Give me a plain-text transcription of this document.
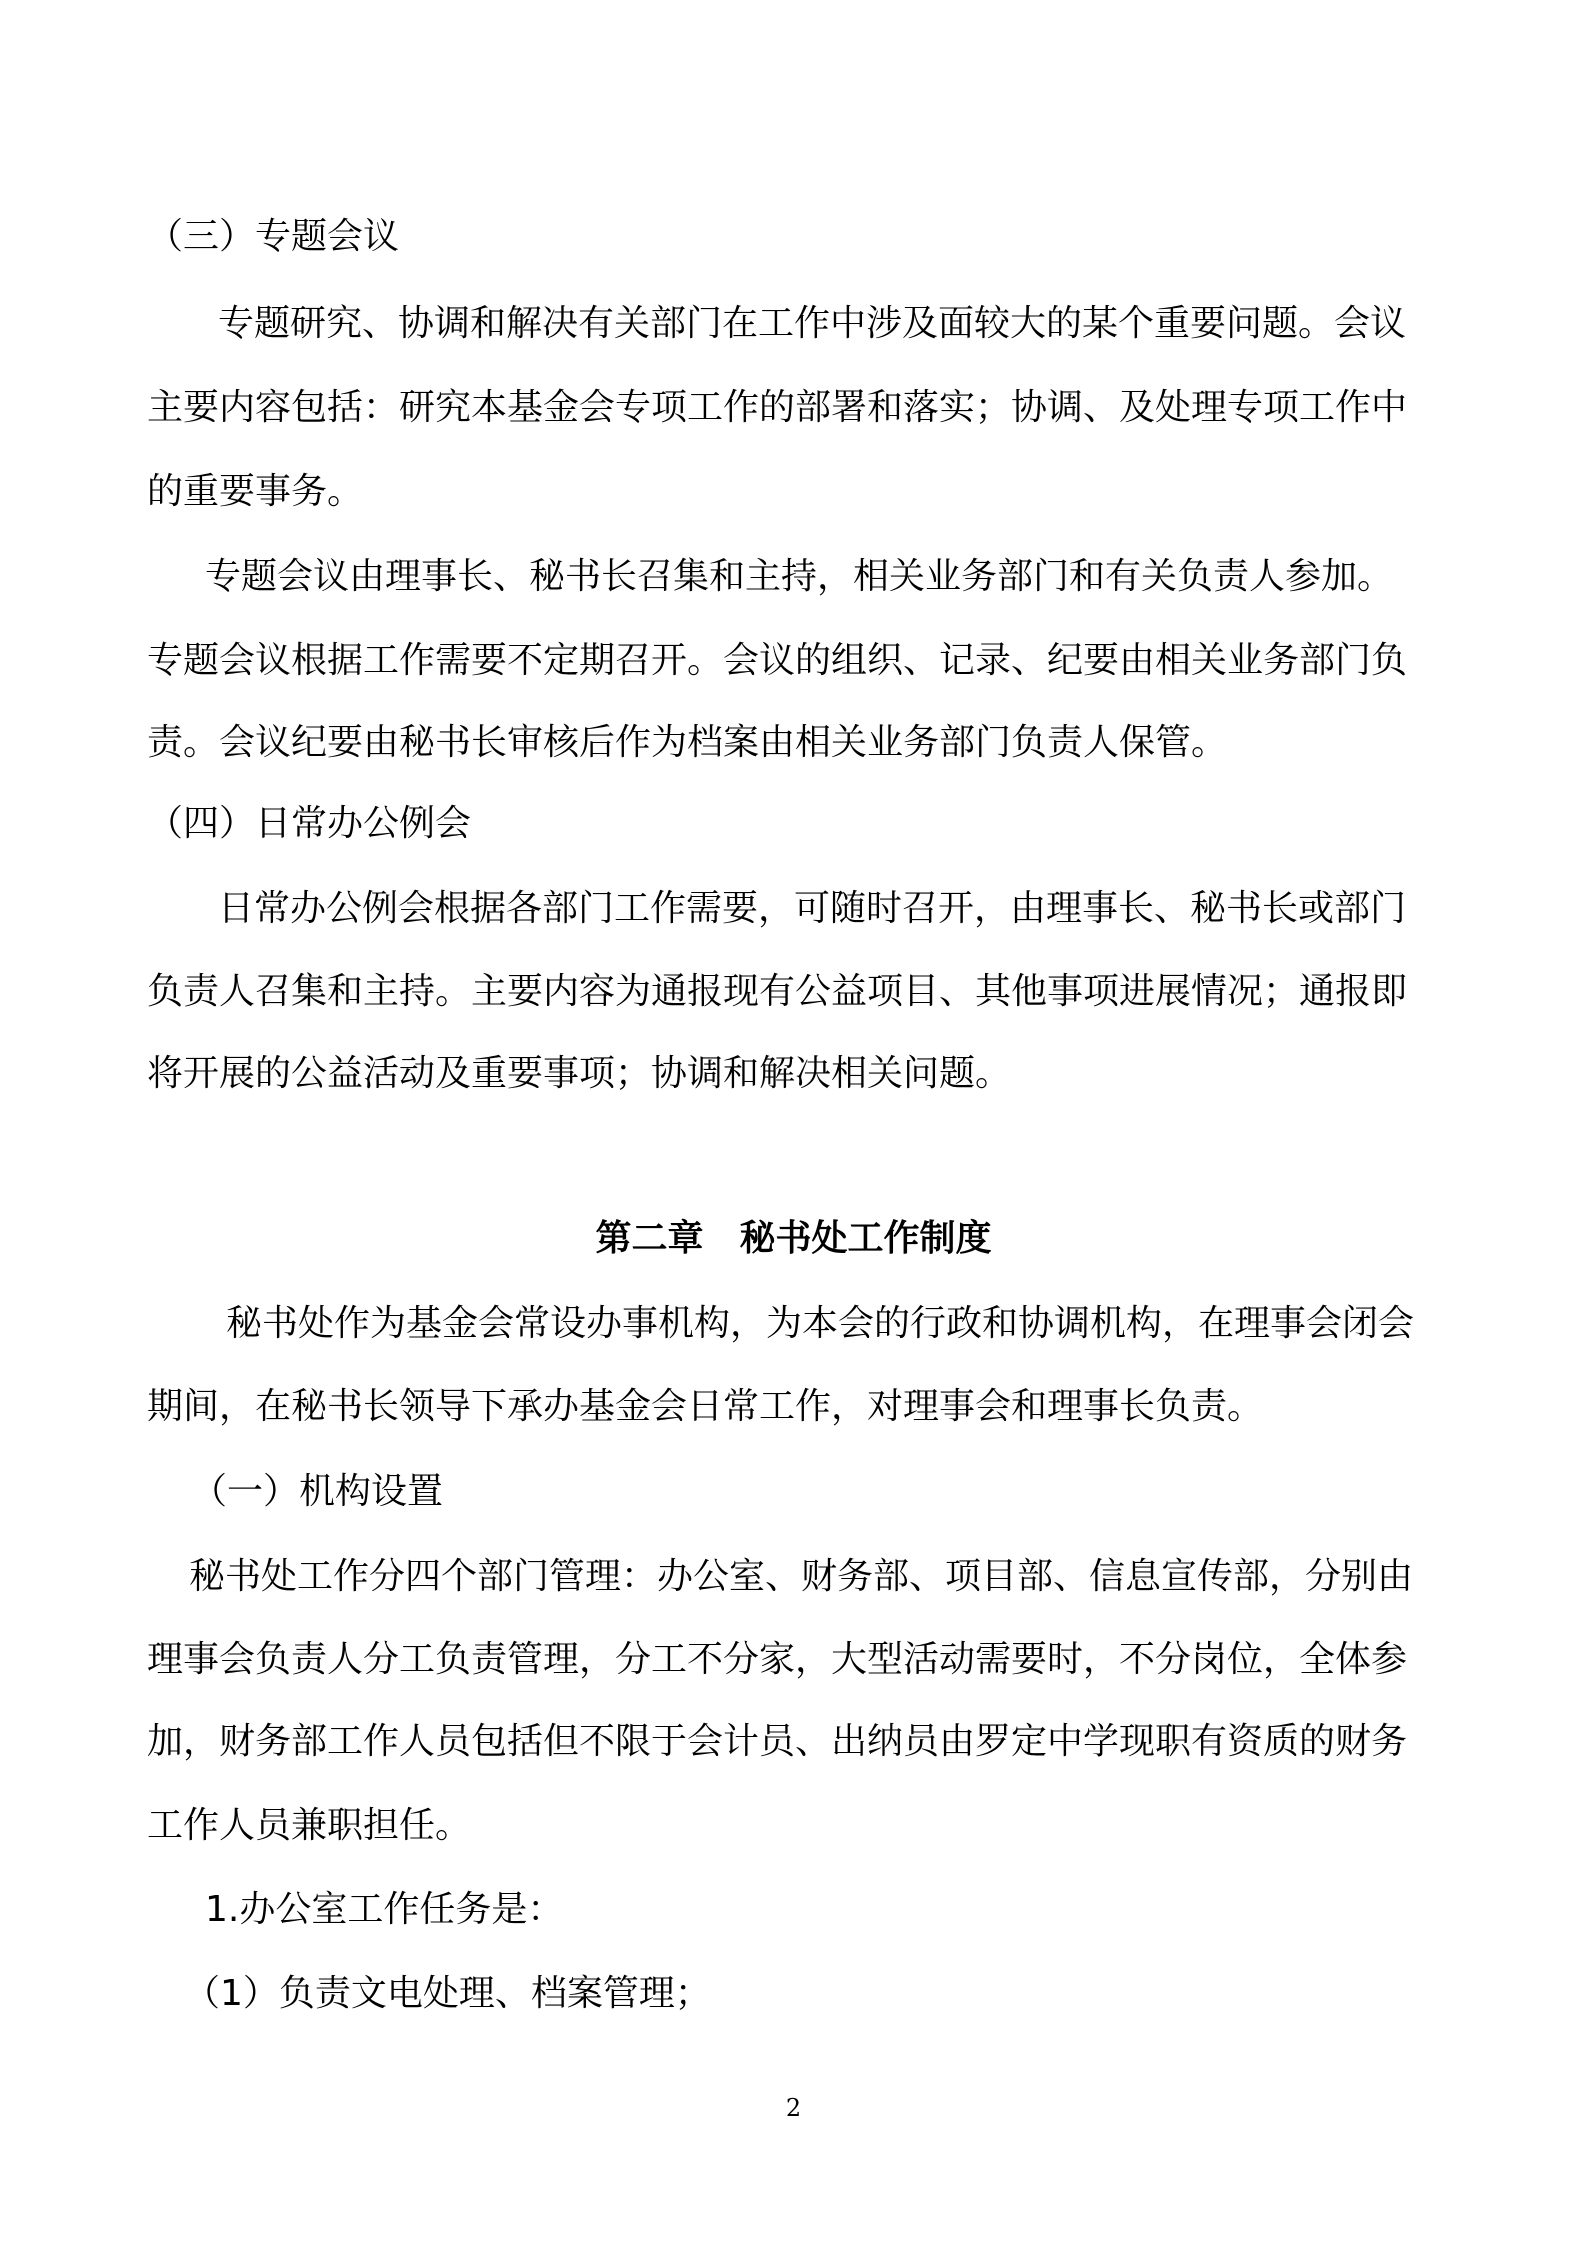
（三）专题会议
专题研究、协调和解决有关部门在工作中涉及面较大的某个重要问题。会议
主要内容包括：研究本基金会专项工作的部署和落实；协调、及处理专项工作中
的重要事务。
专题会议由理事长、秘书长召集和主持，相关业务部门和有关负责人参加。
专题会议根据工作需要不定期召开。会议的组织、记录、纪要由相关业务部门负
责。会议纪要由秘书长审核后作为档案由相关业务部门负责人保管。
（四）日常办公例会
日常办公例会根据各部门工作需要，可随时召开，由理事长、秘书长或部门
负责人召集和主持。主要内容为通报现有公益项目、其他事项进展情况；通报即
将开展的公益活动及重要事项；协调和解决相关问题。
第二章　秘书处工作制度
秘书处作为基金会常设办事机构，为本会的行政和协调机构，在理事会闭会
期间，在秘书长领导下承办基金会日常工作，对理事会和理事长负责。
（一）机构设置
秘书处工作分四个部门管理：办公室、财务部、项目部、信息宣传部，分别由
理事会负责人分工负责管理，分工不分家，大型活动需要时，不分岗位，全体参
加，财务部工作人员包括但不限于会计员、出纳员由罗定中学现职有资质的财务
工作人员兼职担任。
1.办公室工作任务是：
（1）负责文电处理、档案管理；
2
